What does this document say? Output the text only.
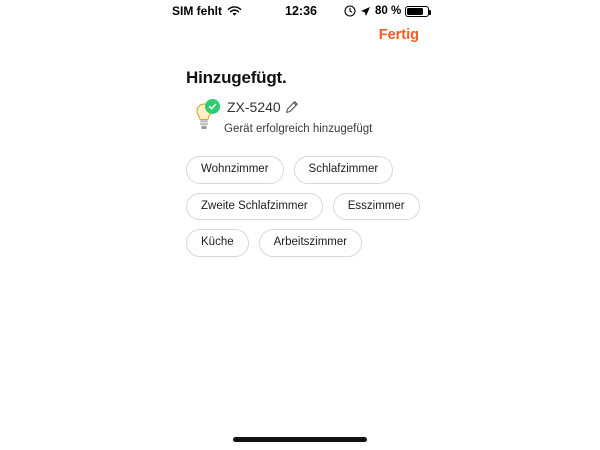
SIM fehlt	12:36	80 %
Fertig
Hinzugefügt.
ZX-5240
Gerät erfolgreich hinzugefügt
Wohnzimmer	Schlafzimmer
Zweite Schlafzimmer	Esszimmer
Küche	Arbeitszimmer
